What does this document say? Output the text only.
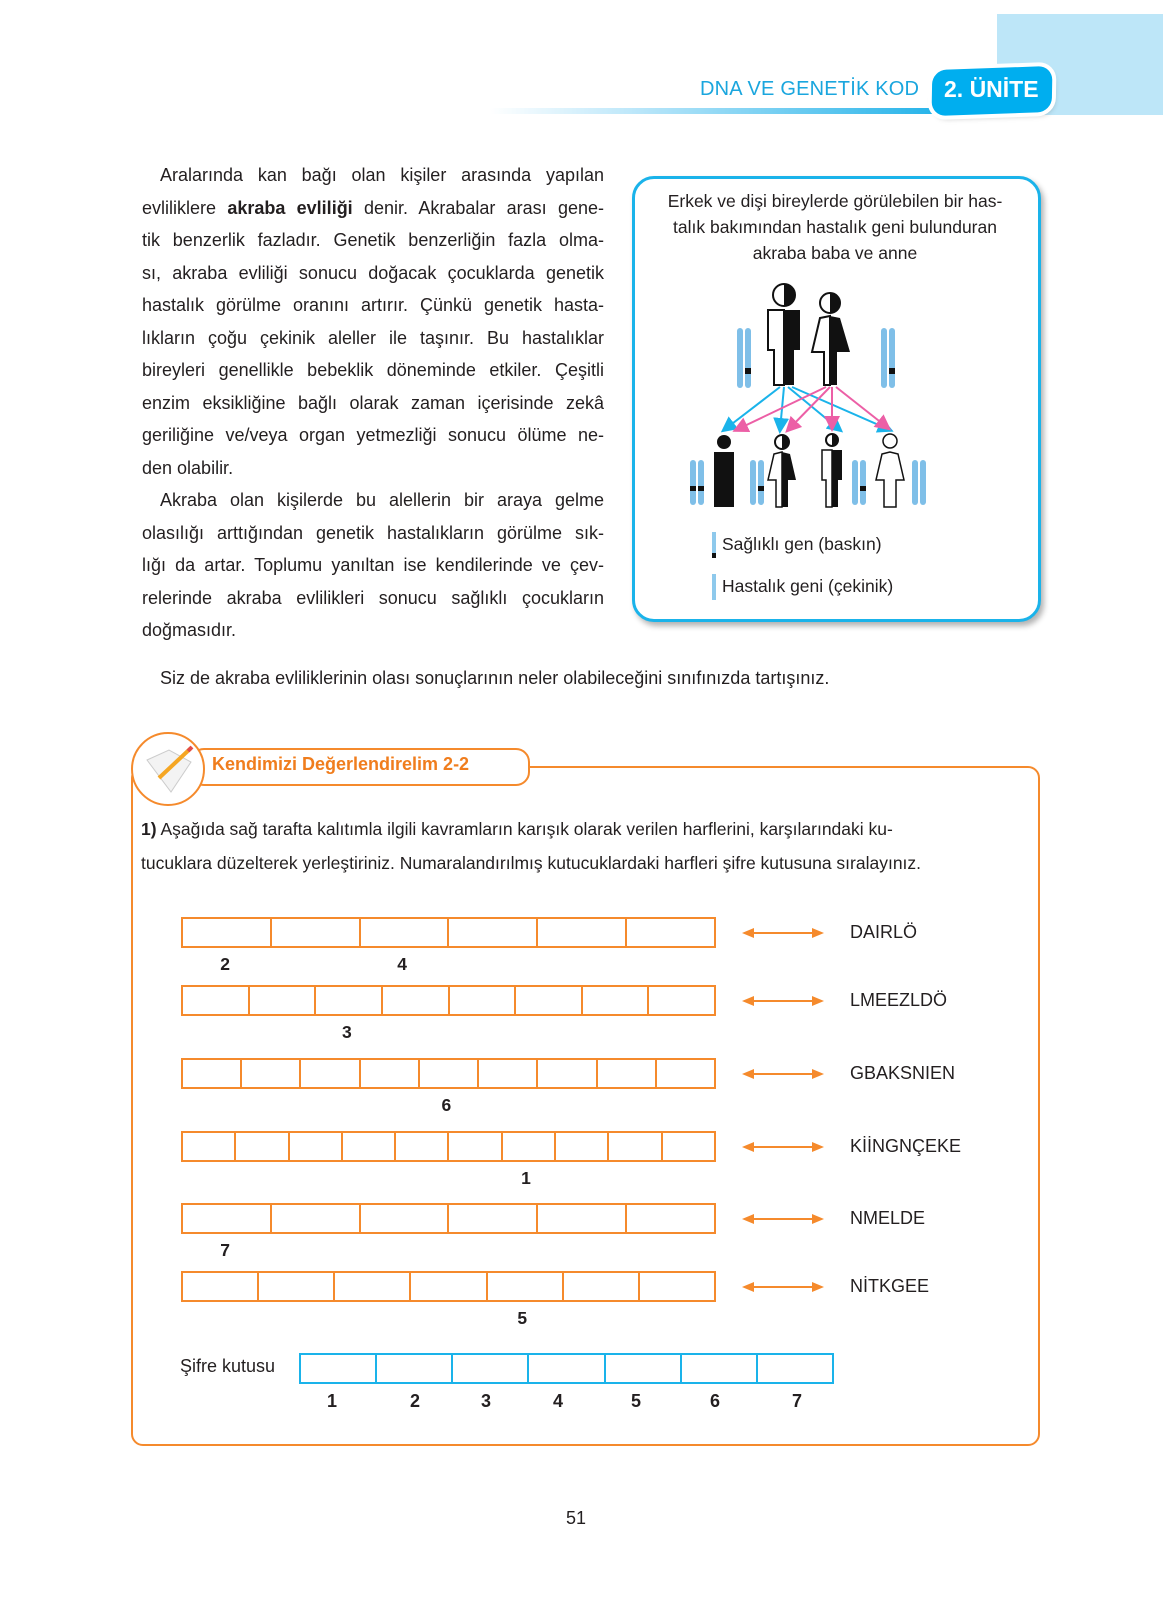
DNA VE GENETİK KOD 2. ÜNİTE
Aralarında kan bağı olan kişiler arasında yapılan
evliliklere akraba evliliği denir. Akrabalar arası gene-
tik benzerlik fazladır. Genetik benzerliğin fazla olma-
sı, akraba evliliği sonucu doğacak çocuklarda genetik
hastalık görülme oranını artırır. Çünkü genetik hasta-
lıkların çoğu çekinik aleller ile taşınır. Bu hastalıklar
bireyleri genellikle bebeklik döneminde etkiler. Çeşitli
enzim eksikliğine bağlı olarak zaman içerisinde zekâ
geriliğine ve/veya organ yetmezliği sonucu ölüme ne-
den olabilir.
Akraba olan kişilerde bu alellerin bir araya gelme
olasılığı arttığından genetik hastalıkların görülme sık-
lığı da artar. Toplumu yanıltan ise kendilerinde ve çev-
relerinde akraba evlilikleri sonucu sağlıklı çocukların
doğmasıdır.
Siz de akraba evliliklerinin olası sonuçlarının neler olabileceğini sınıfınızda tartışınız.
Erkek ve dişi bireylerde görülebilen bir has-
talık bakımından hastalık geni bulunduran
akraba baba ve anne
Sağlıklı gen (baskın)
Hastalık geni (çekinik)
Kendimizi Değerlendirelim 2-2
1) Aşağıda sağ tarafta kalıtımla ilgili kavramların karışık olarak verilen harflerini, karşılarındaki ku-
tucuklara düzelterek yerleştiriniz. Numaralandırılmış kutucuklardaki harfleri şifre kutusuna sıralayınız.
2	4
DAIRLÖ
3
LMEEZLDÖ
6
GBAKSNIEN
1
KİİNGNÇEKE
7
NMELDE
5
NİTKGEE
Şifre kutusu
1	2	3	4	5	6	7
51
